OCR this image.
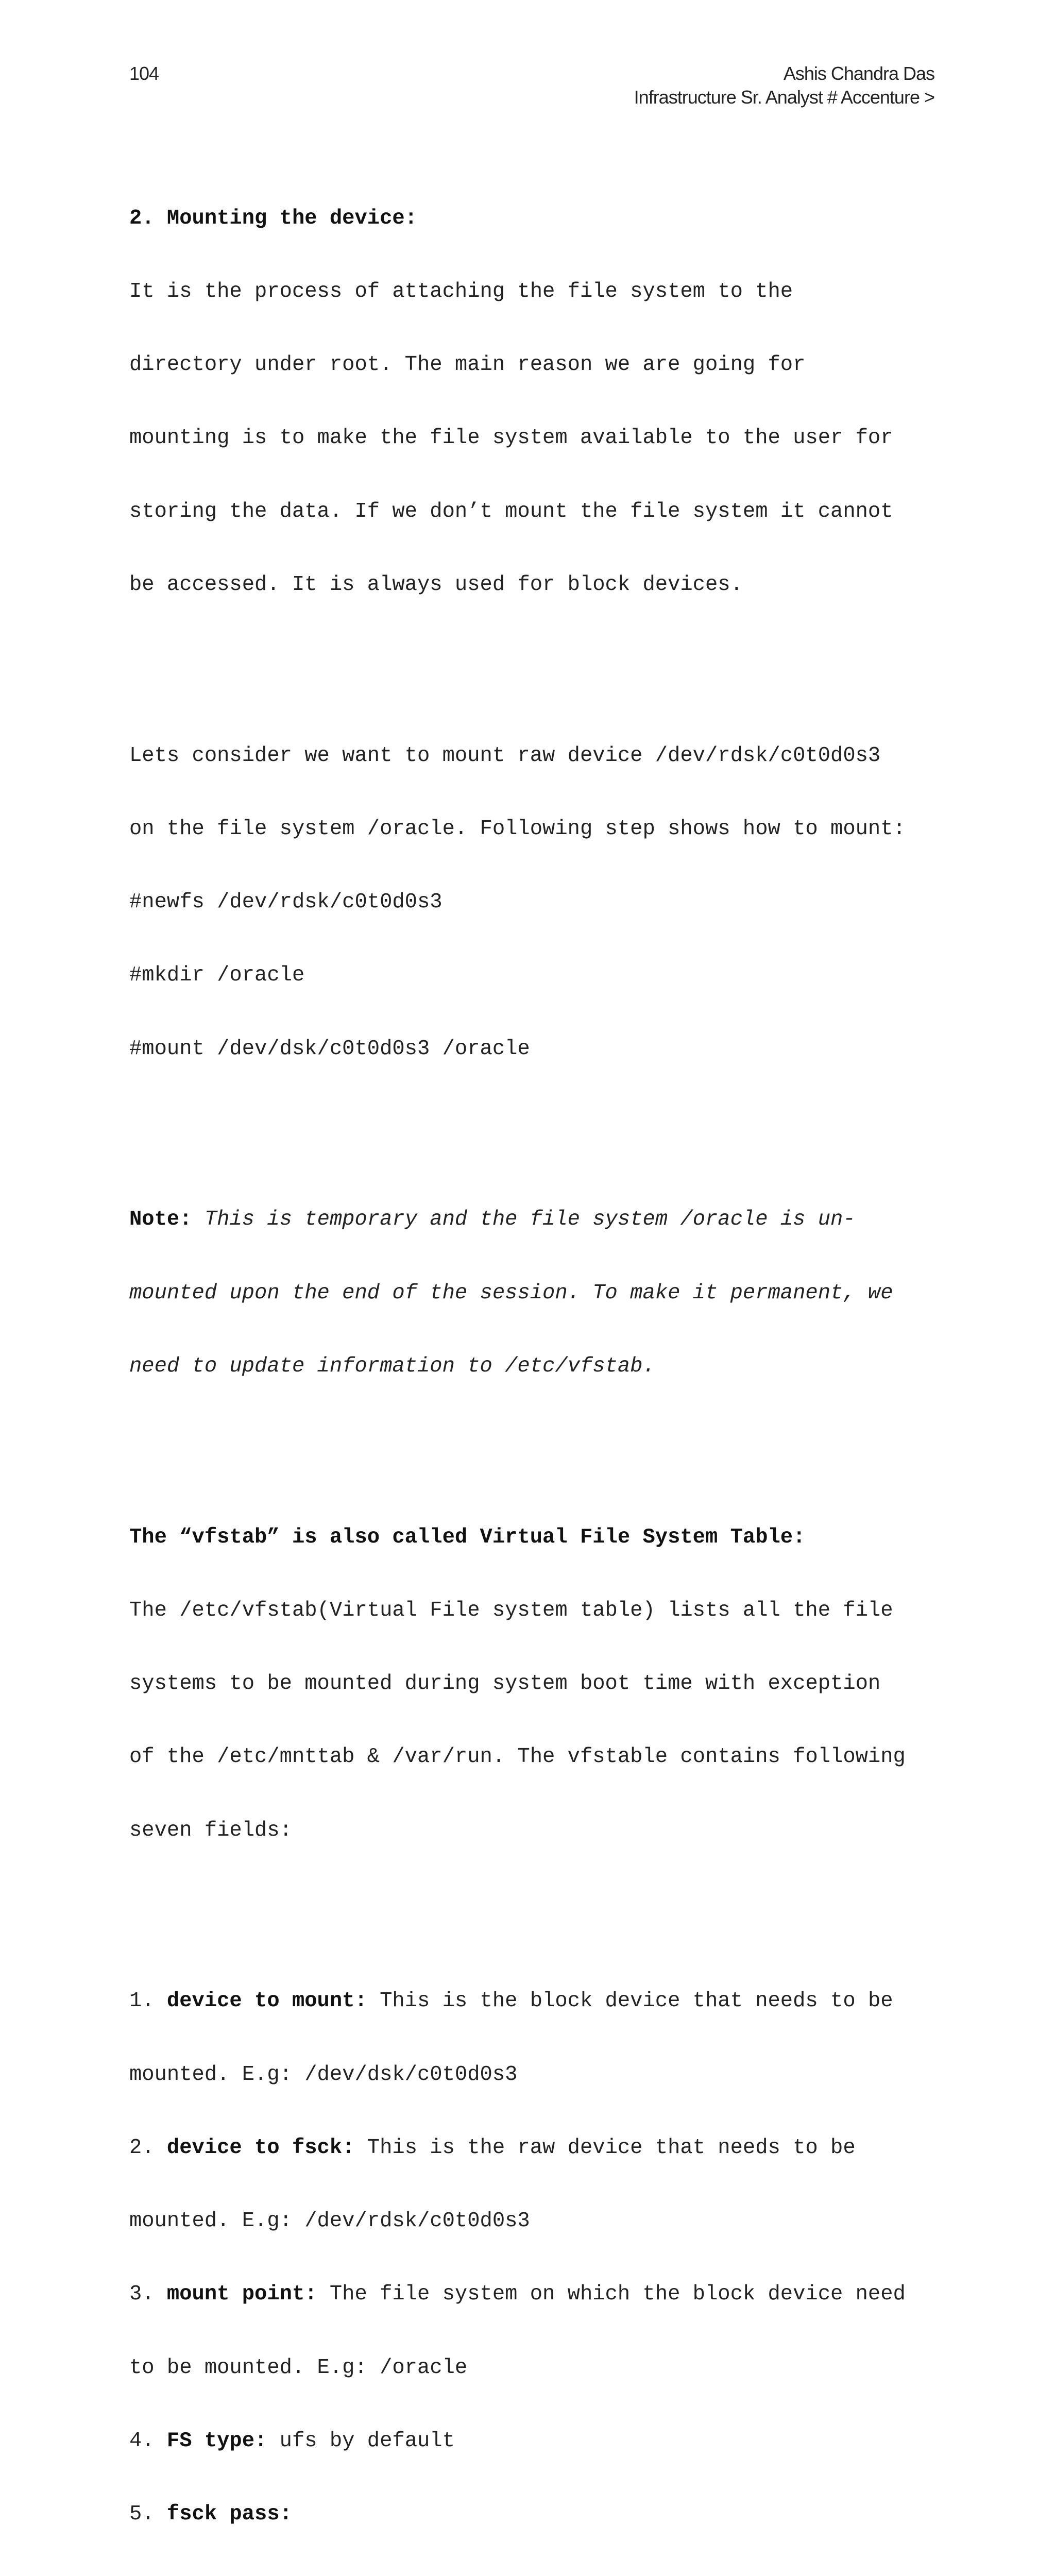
104	Ashis Chandra Das
Infrastructure Sr. Analyst # Accenture >

2. Mounting the device:

It is the process of attaching the file system to the

directory under root. The main reason we are going for

mounting is to make the file system available to the user for

storing the data. If we don’t mount the file system it cannot

be accessed. It is always used for block devices.

Lets consider we want to mount raw device /dev/rdsk/c0t0d0s3

on the file system /oracle. Following step shows how to mount:

#newfs /dev/rdsk/c0t0d0s3

#mkdir /oracle

#mount /dev/dsk/c0t0d0s3 /oracle

Note: This is temporary and the file system /oracle is un-

mounted upon the end of the session. To make it permanent, we

need to update information to /etc/vfstab.

The “vfstab” is also called Virtual File System Table:

The /etc/vfstab(Virtual File system table) lists all the file

systems to be mounted during system boot time with exception

of the /etc/mnttab & /var/run. The vfstable contains following

seven fields:

1. device to mount: This is the block device that needs to be

mounted. E.g: /dev/dsk/c0t0d0s3

2. device to fsck: This is the raw device that needs to be

mounted. E.g: /dev/rdsk/c0t0d0s3

3. mount point: The file system on which the block device need

to be mounted. E.g: /oracle

4. FS type: ufs by default

5. fsck pass:
